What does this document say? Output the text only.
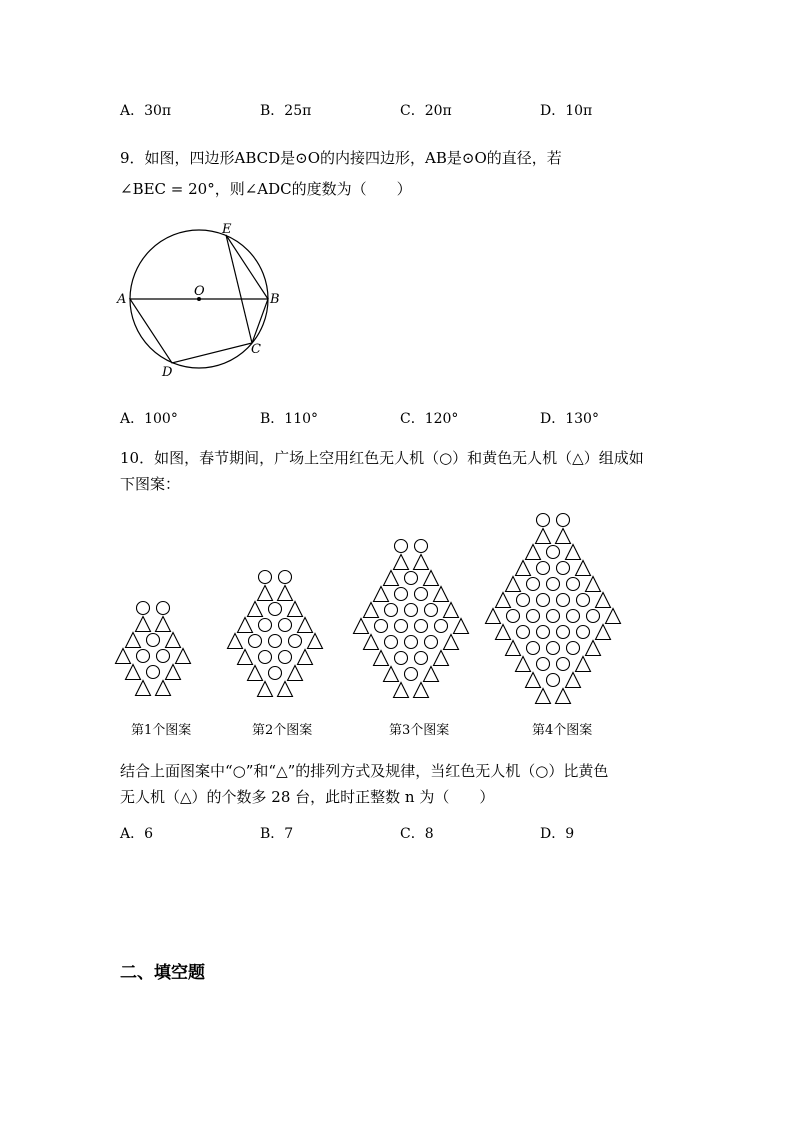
A．30π	B．25π	C．20π	D．10π
9．如图，四边形ABCD是⊙O的内接四边形，AB是⊙O的直径，若
∠BEC = 20°，则∠ADC的度数为（　　）
A	B
C
D
E
O
A．100°	B．110°	C．120°	D．130°
10．如图，春节期间，广场上空用红色无人机（○）和黄色无人机（△）组成如
下图案：
第1个图案	第2个图案	第3个图案	第4个图案
结合上面图案中“○”和“△”的排列方式及规律，当红色无人机（○）比黄色
无人机（△）的个数多 28 台，此时正整数 n 为（　　）
A．6	B．7	C．8	D．9
二、填空题
